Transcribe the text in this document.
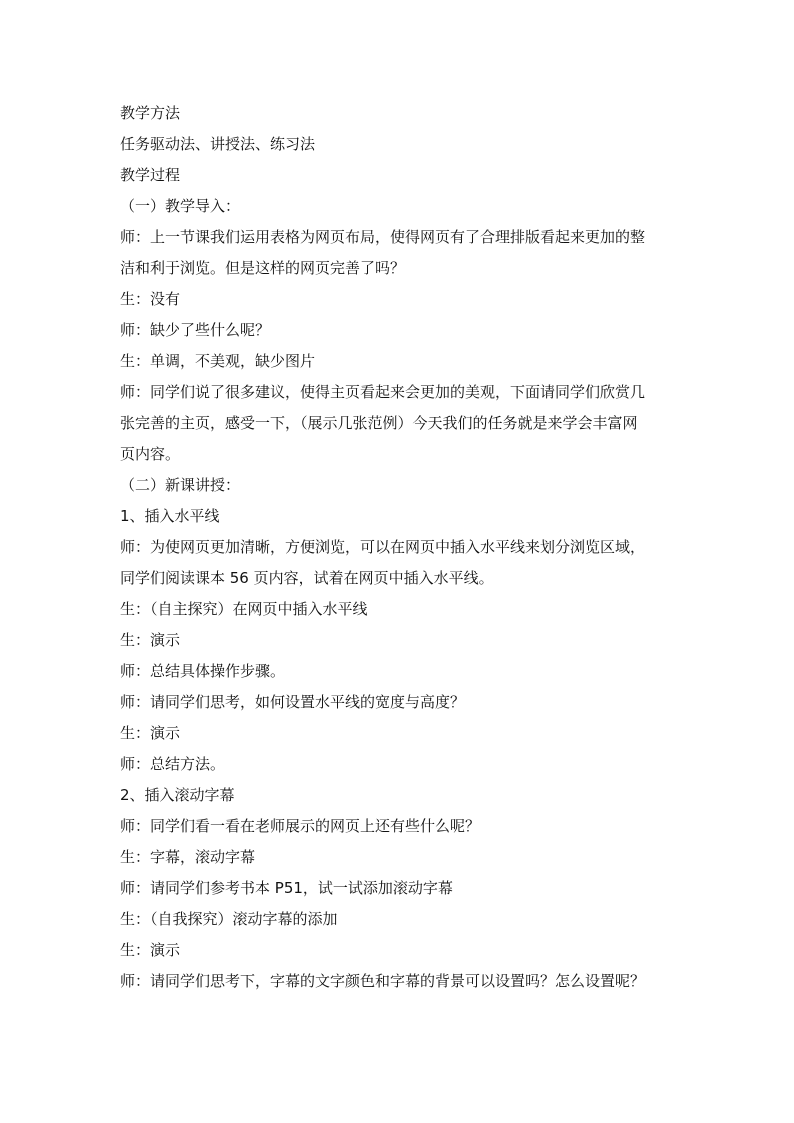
教学方法
任务驱动法、讲授法、练习法
教学过程
（一）教学导入：
师：上一节课我们运用表格为网页布局，使得网页有了合理排版看起来更加的整
洁和利于浏览。但是这样的网页完善了吗？
生：没有
师：缺少了些什么呢？
生：单调，不美观，缺少图片
师：同学们说了很多建议，使得主页看起来会更加的美观，下面请同学们欣赏几
张完善的主页，感受一下，（展示几张范例）今天我们的任务就是来学会丰富网
页内容。
（二）新课讲授：
1、插入水平线
师：为使网页更加清晰，方便浏览，可以在网页中插入水平线来划分浏览区域，
同学们阅读课本 56 页内容，试着在网页中插入水平线。
生：（自主探究）在网页中插入水平线
生：演示
师：总结具体操作步骤。
师：请同学们思考，如何设置水平线的宽度与高度？
生：演示
师：总结方法。
2、插入滚动字幕
师：同学们看一看在老师展示的网页上还有些什么呢？
生：字幕，滚动字幕
师：请同学们参考书本 P51，试一试添加滚动字幕
生：（自我探究）滚动字幕的添加
生：演示
师：请同学们思考下，字幕的文字颜色和字幕的背景可以设置吗？怎么设置呢？
